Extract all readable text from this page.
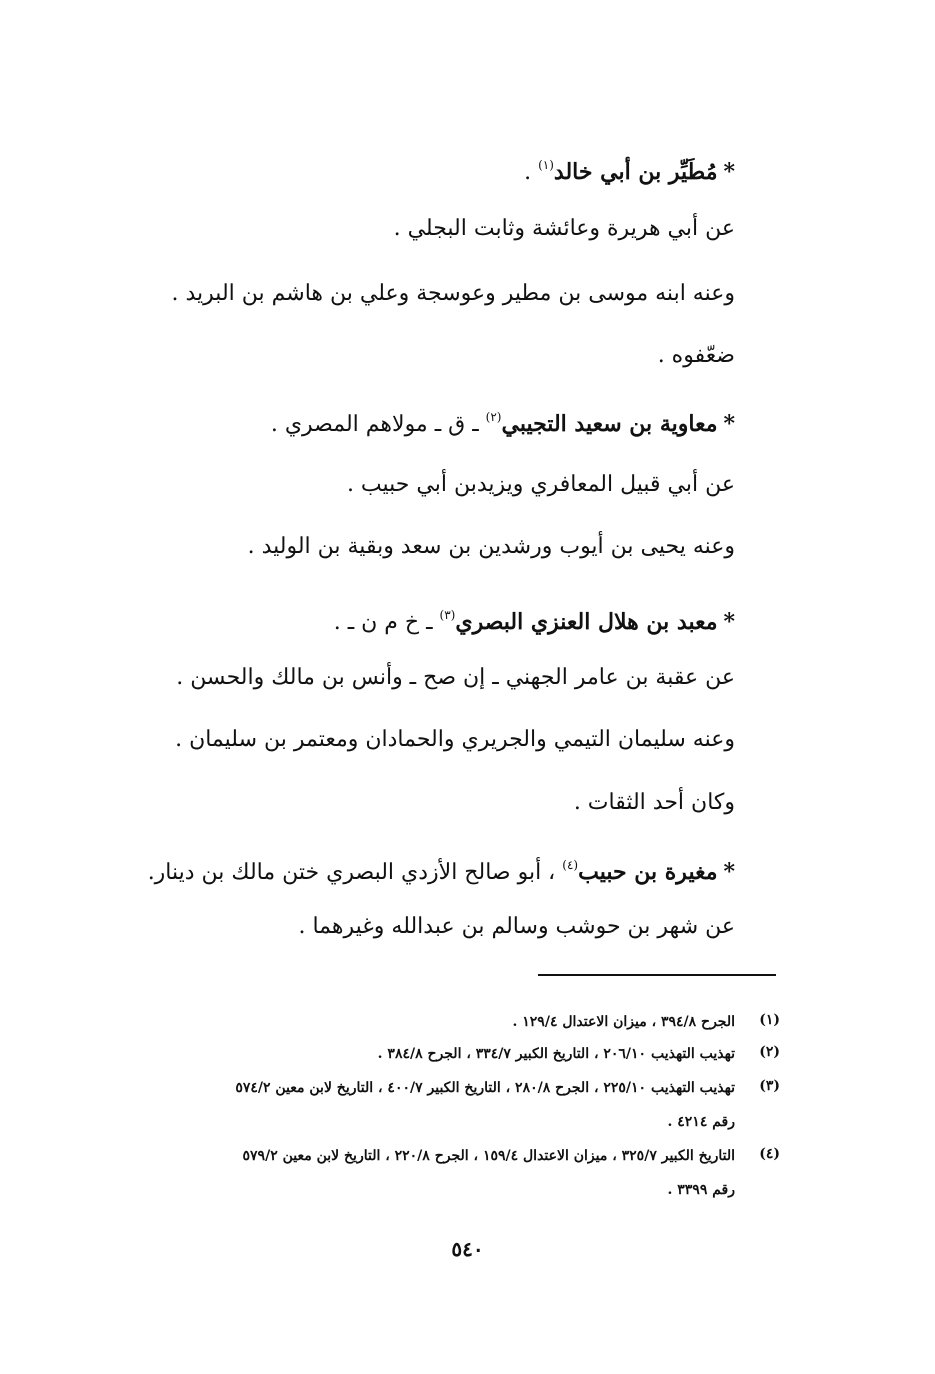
*مُطَيِّر بن أبي خالد$^{(١)}$ .
عن أبي هريرة وعائشة وثابت البجلي .
وعنه ابنه موسى بن مطير وعوسجة وعلي بن هاشم بن البريد .
ضعّفوه .
*معاوية بن سعيد التجيبي$^{(٢)}$ ـ ق ـ مولاهم المصري .
عن أبي قبيل المعافري ويزيدبن أبي حبيب .
وعنه يحيى بن أيوب ورشدين بن سعد وبقية بن الوليد .
*معبد بن هلال العنزي البصري$^{(٣)}$ ـ خ م ن ـ .
عن عقبة بن عامر الجهني ـ إن صح ـ وأنس بن مالك والحسن .
وعنه سليمان التيمي والجريري والحمادان ومعتمر بن سليمان .
وكان أحد الثقات .
*مغيرة بن حبيب$^{(٤)}$ ، أبو صالح الأزدي البصري ختن مالك بن دينار.
عن شهر بن حوشب وسالم بن عبدالله وغيرهما .
(١)
الجرح ٣٩٤/٨ ، ميزان الاعتدال ١٢٩/٤ .
(٢)
تهذيب التهذيب ٢٠٦/١٠ ، التاريخ الكبير ٣٣٤/٧ ، الجرح ٣٨٤/٨ .
(٣)
تهذيب التهذيب ٢٢٥/١٠ ، الجرح ٢٨٠/٨ ، التاريخ الكبير ٤٠٠/٧ ، التاريخ لابن معين ٥٧٤/٢
رقم ٤٢١٤ .
(٤)
التاريخ الكبير ٣٢٥/٧ ، ميزان الاعتدال ١٥٩/٤ ، الجرح ٢٢٠/٨ ، التاريخ لابن معين ٥٧٩/٢
رقم ٣٣٩٩ .
٥٤٠
